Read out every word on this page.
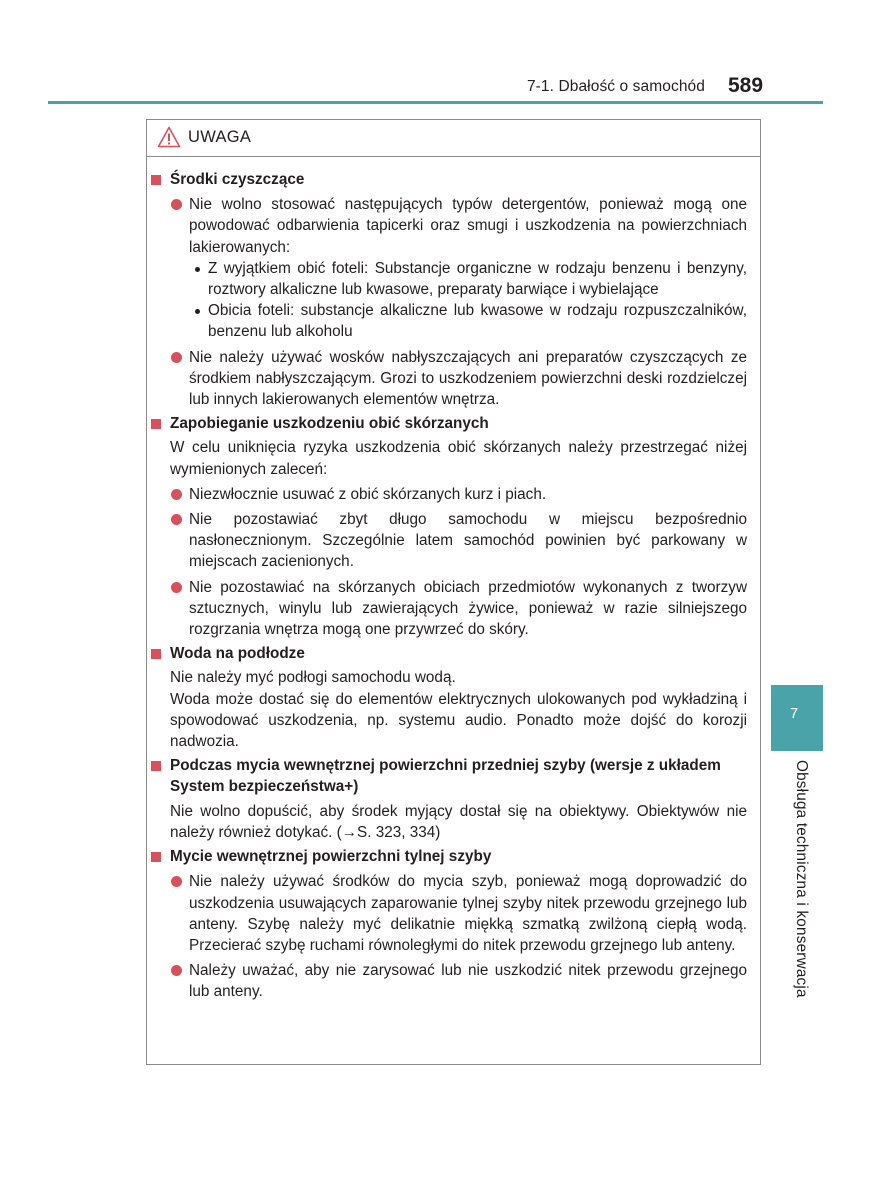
7-1. Dbałość o samochód 589
UWAGA
Środki czyszczące
Nie wolno stosować następujących typów detergentów, ponieważ mogą one powodować odbarwienia tapicerki oraz smugi i uszkodzenia na powierzchniach lakierowanych:
Z wyjątkiem obić foteli: Substancje organiczne w rodzaju benzenu i benzyny, roztwory alkaliczne lub kwasowe, preparaty barwiące i wybielające
Obicia foteli: substancje alkaliczne lub kwasowe w rodzaju rozpuszczalników, benzenu lub alkoholu
Nie należy używać wosków nabłyszczających ani preparatów czyszczących ze środkiem nabłyszczającym. Grozi to uszkodzeniem powierzchni deski rozdzielczej lub innych lakierowanych elementów wnętrza.
Zapobieganie uszkodzeniu obić skórzanych
W celu uniknięcia ryzyka uszkodzenia obić skórzanych należy przestrzegać niżej wymienionych zaleceń:
Niezwłocznie usuwać z obić skórzanych kurz i piach.
Nie pozostawiać zbyt długo samochodu w miejscu bezpośrednio nasłonecznionym. Szczególnie latem samochód powinien być parkowany w miejscach zacienionych.
Nie pozostawiać na skórzanych obiciach przedmiotów wykonanych z tworzyw sztucznych, winylu lub zawierających żywice, ponieważ w razie silniejszego rozgrzania wnętrza mogą one przywrzeć do skóry.
Woda na podłodze
Nie należy myć podłogi samochodu wodą.
Woda może dostać się do elementów elektrycznych ulokowanych pod wykładziną i spowodować uszkodzenia, np. systemu audio. Ponadto może dojść do korozji nadwozia.
Podczas mycia wewnętrznej powierzchni przedniej szyby (wersje z układem System bezpieczeństwa+)
Nie wolno dopuścić, aby środek myjący dostał się na obiektywy. Obiektywów nie należy również dotykać. (→S. 323, 334)
Mycie wewnętrznej powierzchni tylnej szyby
Nie należy używać środków do mycia szyb, ponieważ mogą doprowadzić do uszkodzenia usuwających zaparowanie tylnej szyby nitek przewodu grzejnego lub anteny. Szybę należy myć delikatnie miękką szmatką zwilżoną ciepłą wodą. Przecierać szybę ruchami równoległymi do nitek przewodu grzejnego lub anteny.
Należy uważać, aby nie zarysować lub nie uszkodzić nitek przewodu grzejnego lub anteny.
7
Obsługa techniczna i konserwacja
